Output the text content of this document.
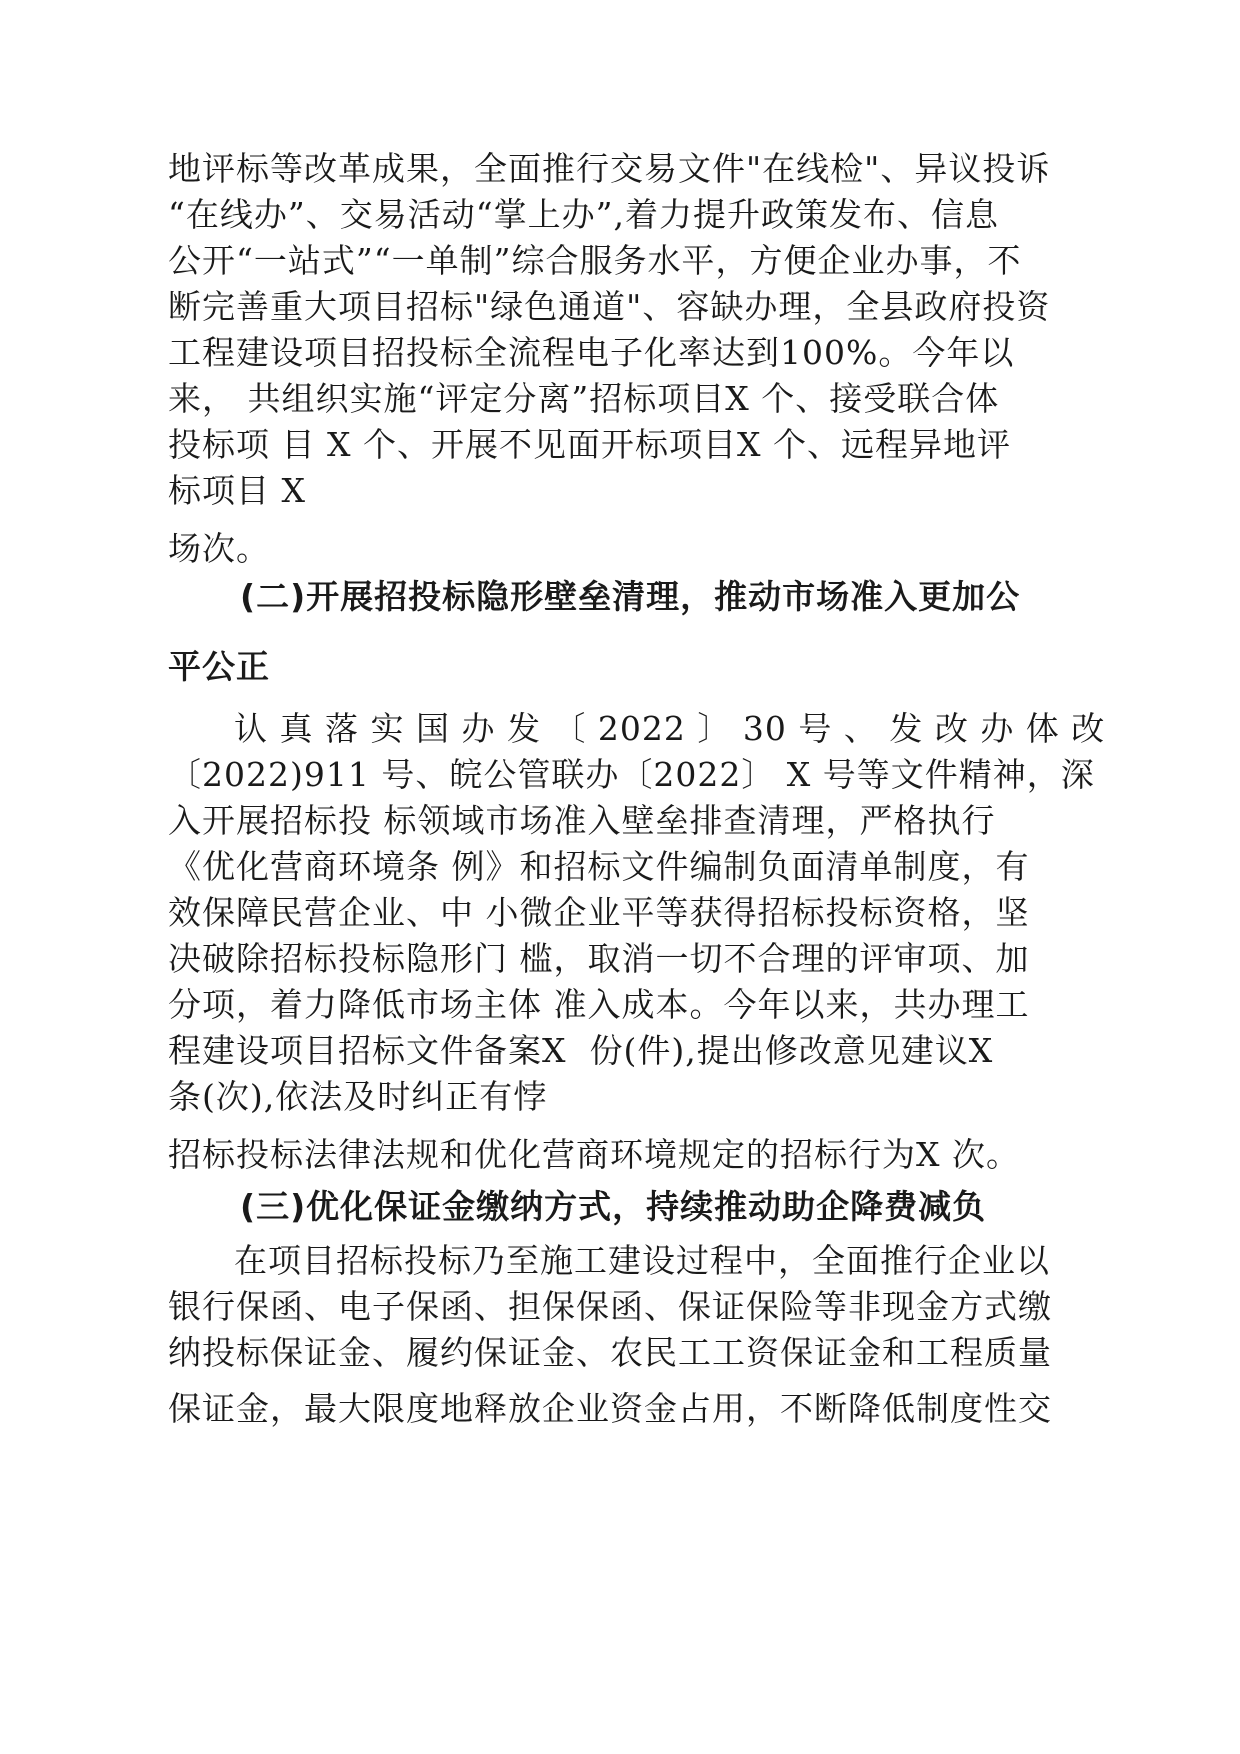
地评标等改革成果，全面推行交易文件"在线检"、异议投诉
“在线办”、交易活动“掌上办”,着力提升政策发布、信息
公开“一站式”“一单制”综合服务水平，方便企业办事，不
断完善重大项目招标"绿色通道"、容缺办理，全县政府投资
工程建设项目招投标全流程电子化率达到100%。今年以
来， 共组织实施“评定分离”招标项目X 个、接受联合体
投标项 目 X 个、开展不见面开标项目X 个、远程异地评
标项目 X
场次。
(二)开展招投标隐形壁垒清理，推动市场准入更加公
平公正
认 真 落 实 国 办 发 〔 2022 〕 30 号 、 发 改 办 体 改
〔2022)911 号、皖公管联办〔2022〕 X 号等文件精神，深
入开展招标投 标领域市场准入壁垒排查清理，严格执行
《优化营商环境条 例》和招标文件编制负面清单制度，有
效保障民营企业、中 小微企业平等获得招标投标资格，坚
决破除招标投标隐形门 槛，取消一切不合理的评审项、加
分项，着力降低市场主体 准入成本。今年以来，共办理工
程建设项目招标文件备案X  份(件),提出修改意见建议X
条(次),依法及时纠正有悖
招标投标法律法规和优化营商环境规定的招标行为X 次。
(三)优化保证金缴纳方式，持续推动助企降费减负
在项目招标投标乃至施工建设过程中，全面推行企业以
银行保函、电子保函、担保保函、保证保险等非现金方式缴
纳投标保证金、履约保证金、农民工工资保证金和工程质量
保证金，最大限度地释放企业资金占用，不断降低制度性交
